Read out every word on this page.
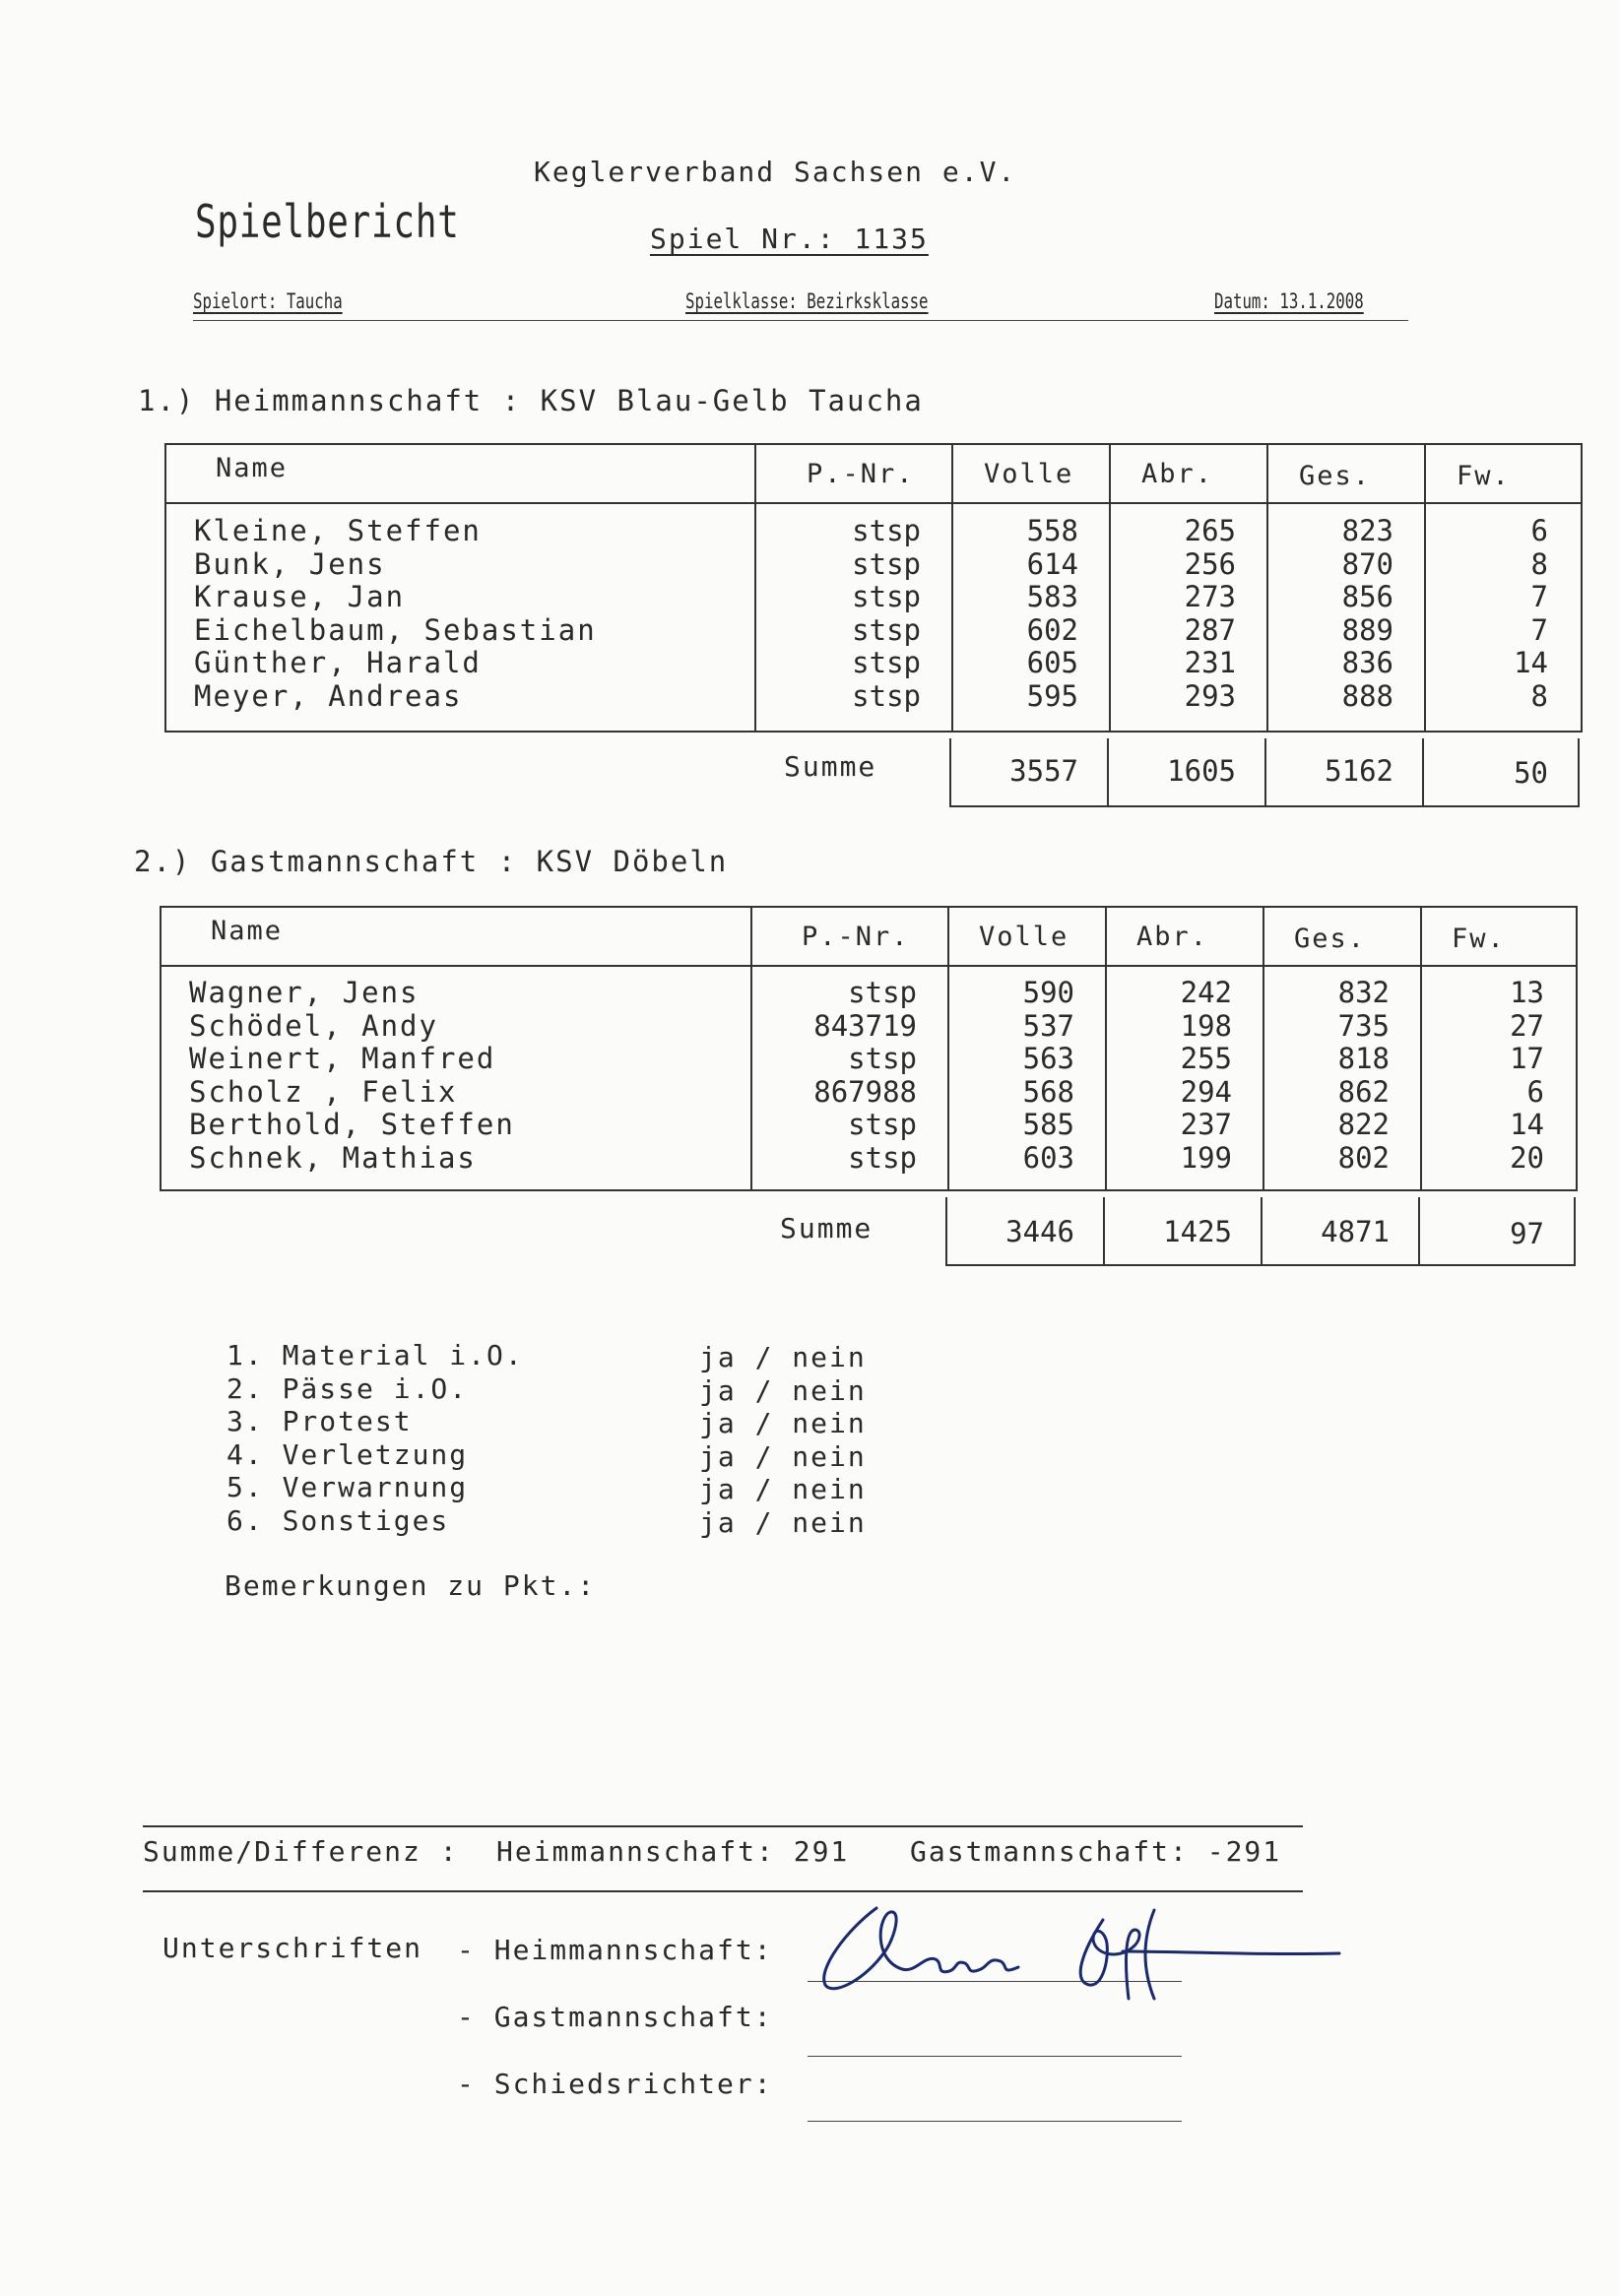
Keglerverband Sachsen e.V.
Spielbericht	Spiel Nr.: 1135
Spielort: Taucha	Spielklasse: Bezirksklasse	Datum: 13.1.2008
1.) Heimmannschaft : KSV Blau-Gelb Taucha
Name	P.-Nr.	Volle	Abr.	Ges.	Fw.
Kleine, Steffen	stsp	558	265	823	6
Bunk, Jens	stsp	614	256	870	8
Krause, Jan	stsp	583	273	856	7
Eichelbaum, Sebastian	stsp	602	287	889	7
Günther, Harald	stsp	605	231	836	14
Meyer, Andreas	stsp	595	293	888	8
Summe	3557	1605	5162	50
2.) Gastmannschaft : KSV Döbeln
Name	P.-Nr.	Volle	Abr.	Ges.	Fw.
Wagner, Jens	stsp	590	242	832	13
Schödel, Andy	843719	537	198	735	27
Weinert, Manfred	stsp	563	255	818	17
Scholz , Felix	867988	568	294	862	6
Berthold, Steffen	stsp	585	237	822	14
Schnek, Mathias	stsp	603	199	802	20
Summe	3446	1425	4871	97
1. Material i.O.	ja / nein
2. Pässe i.O.	ja / nein
3. Protest	ja / nein
4. Verletzung	ja / nein
5. Verwarnung	ja / nein
6. Sonstiges	ja / nein
Bemerkungen zu Pkt.:
Summe/Differenz : Heimmannschaft: 291 Gastmannschaft: -291
Unterschriften - Heimmannschaft:
- Gastmannschaft:
- Schiedsrichter:
